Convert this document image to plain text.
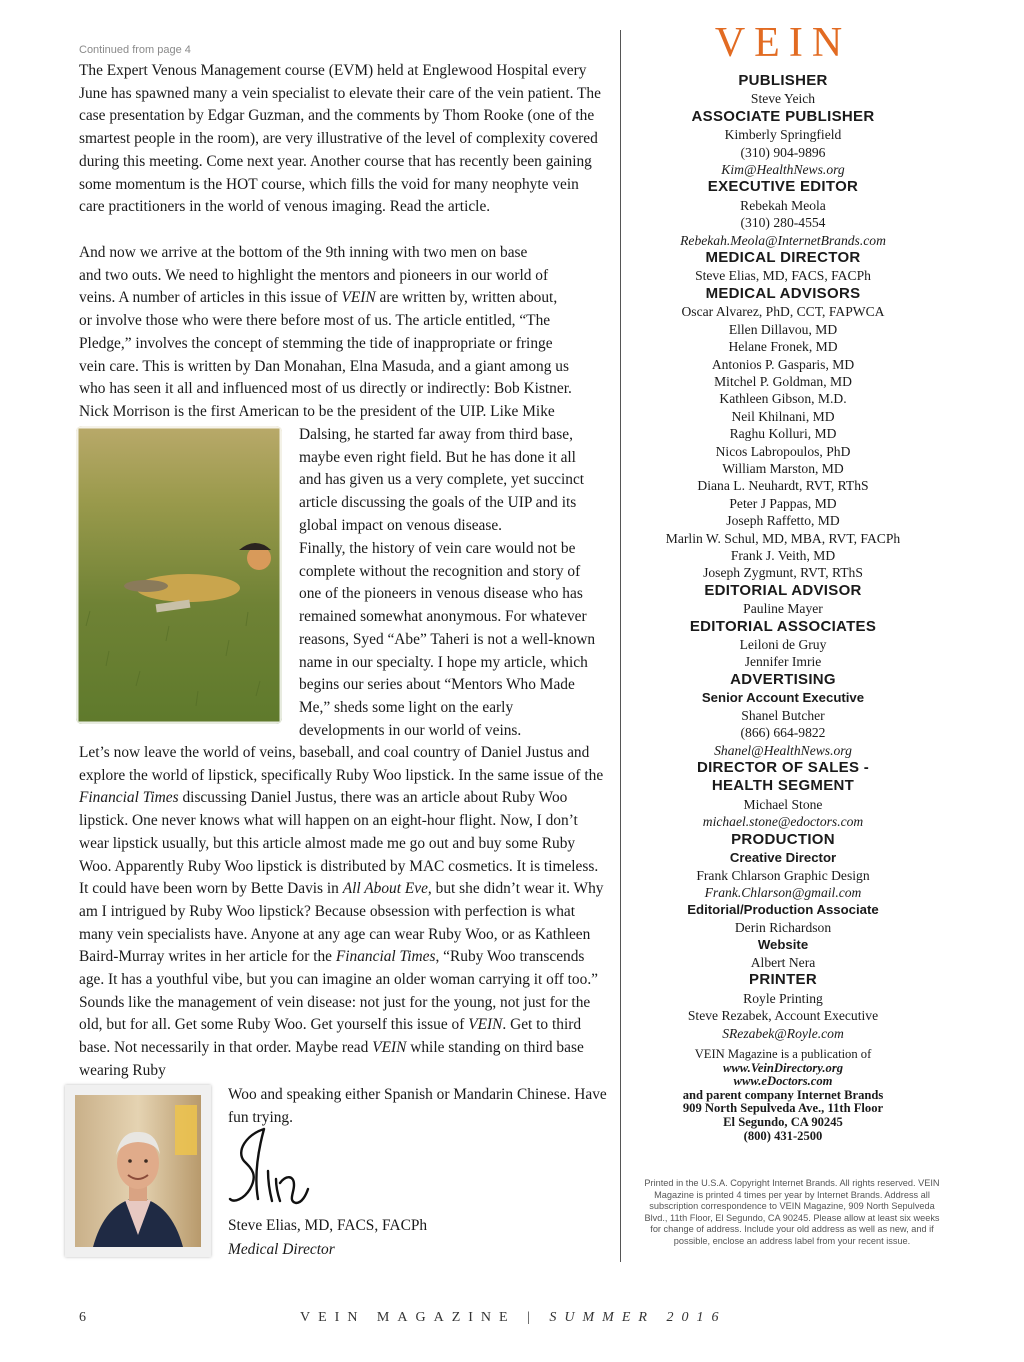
Continued from page 4

The Expert Venous Management course (EVM) held at Englewood Hospital every June has spawned many a vein specialist to elevate their care of the vein patient. The case presentation by Edgar Guzman, and the comments by Thom Rooke (one of the smartest people in the room), are very illustrative of the level of complexity covered during this meeting. Come next year. Another course that has recently been gaining some momentum is the HOT course, which fills the void for many neophyte vein care practitioners in the world of venous imaging. Read the article.

And now we arrive at the bottom of the 9th inning with two men on base
and two outs. We need to highlight the mentors and pioneers in our world of
veins. A number of articles in this issue of VEIN are written by, written about,
or involve those who were there before most of us. The article entitled, “The
Pledge,” involves the concept of stemming the tide of inappropriate or fringe
vein care. This is written by Dan Monahan, Elna Masuda, and a giant among us
who has seen it all and influenced most of us directly or indirectly: Bob Kistner.
Nick Morrison is the first American to be the president of the UIP. Like Mike

Dalsing, he started far away from third base, maybe even right field. But he has done it all and has given us a very complete, yet succinct article discussing the goals of the UIP and its global impact on venous disease.

Finally, the history of vein care would not be complete without the recognition and story of one of the pioneers in venous disease who has remained somewhat anonymous. For whatever reasons, Syed “Abe” Taheri is not a well-known name in our specialty. I hope my article, which begins our series about “Mentors Who Made Me,” sheds some light on the early developments in our world of veins.

Let’s now leave the world of veins, baseball, and coal country of Daniel Justus and explore the world of lipstick, specifically Ruby Woo lipstick. In the same issue of the Financial Times discussing Daniel Justus, there was an article about Ruby Woo lipstick. One never knows what will happen on an eight-hour flight. Now, I don’t wear lipstick usually, but this article almost made me go out and buy some Ruby Woo. Apparently Ruby Woo lipstick is distributed by MAC cosmetics. It is timeless. It could have been worn by Bette Davis in All About Eve, but she didn’t wear it. Why am I intrigued by Ruby Woo lipstick? Because obsession with perfection is what many vein specialists have. Anyone at any age can wear Ruby Woo, or as Kathleen Baird-Murray writes in her article for the Financial Times, “Ruby Woo transcends age. It has a youthful vibe, but you can imagine an older woman carrying it off too.” Sounds like the management of vein disease: not just for the young, not just for the old, but for all. Get some Ruby Woo. Get yourself this issue of VEIN. Get to third base. Not necessarily in that order. Maybe read VEIN while standing on third base wearing Ruby

Woo and speaking either Spanish or Mandarin Chinese. Have fun trying.

Steve Elias, MD, FACS, FACPh
Medical Director
VEIN
PUBLISHER
Steve Yeich
ASSOCIATE PUBLISHER
Kimberly Springfield
(310) 904-9896
Kim@HealthNews.org
EXECUTIVE EDITOR
Rebekah Meola
(310) 280-4554
Rebekah.Meola@InternetBrands.com
MEDICAL DIRECTOR
Steve Elias, MD, FACS, FACPh
MEDICAL ADVISORS
Oscar Alvarez, PhD, CCT, FAPWCA
Ellen Dillavou, MD
Helane Fronek, MD
Antonios P. Gasparis, MD
Mitchel P. Goldman, MD
Kathleen Gibson, M.D.
Neil Khilnani, MD
Raghu Kolluri, MD
Nicos Labropoulos, PhD
William Marston, MD
Diana L. Neuhardt, RVT, RThS
Peter J Pappas, MD
Joseph Raffetto, MD
Marlin W. Schul, MD, MBA, RVT, FACPh
Frank J. Veith, MD
Joseph Zygmunt, RVT, RThS
EDITORIAL ADVISOR
Pauline Mayer
EDITORIAL ASSOCIATES
Leiloni de Gruy
Jennifer Imrie
ADVERTISING
Senior Account Executive
Shanel Butcher
(866) 664-9822
Shanel@HealthNews.org
DIRECTOR OF SALES -
HEALTH SEGMENT
Michael Stone
michael.stone@edoctors.com
PRODUCTION
Creative Director
Frank Chlarson Graphic Design
Frank.Chlarson@gmail.com
Editorial/Production Associate
Derin Richardson
Website
Albert Nera
PRINTER
Royle Printing
Steve Rezabek, Account Executive
SRezabek@Royle.com
VEIN Magazine is a publication of
www.VeinDirectory.org
www.eDoctors.com
and parent company Internet Brands
909 North Sepulveda Ave., 11th Floor
El Segundo, CA 90245
(800) 431-2500
Printed in the U.S.A. Copyright Internet Brands. All rights reserved. VEIN Magazine is printed 4 times per year by Internet Brands. Address all subscription correspondence to VEIN Magazine, 909 North Sepulveda Blvd., 11th Floor, El Segundo, CA 90245. Please allow at least six weeks for change of address. Include your old address as well as new, and if possible, enclose an address label from your recent issue.
6	VEIN MAGAZINE | SUMMER 2016
